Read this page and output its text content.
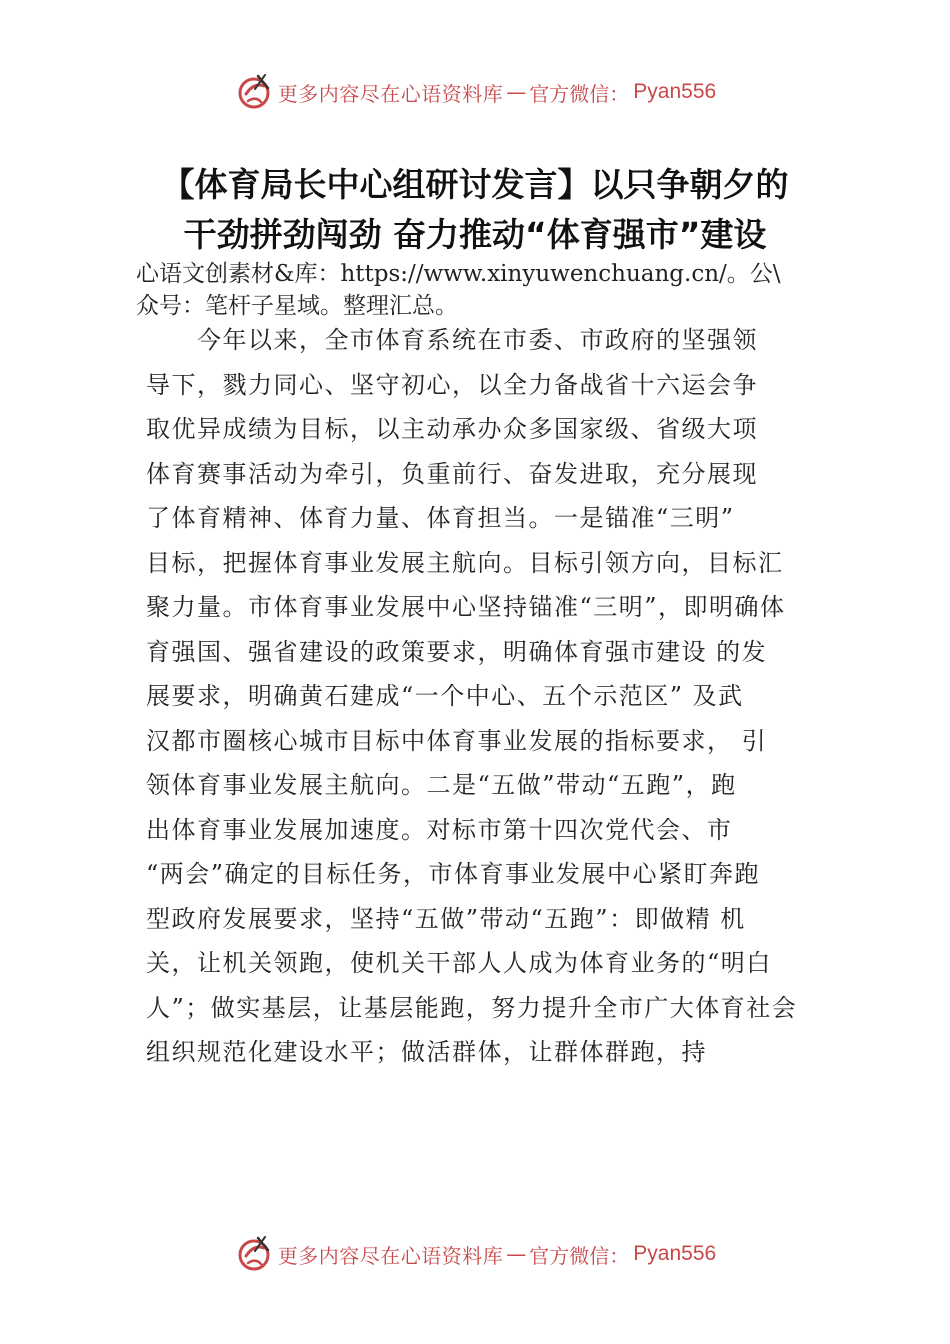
更多内容尽在心语资料库 — 官方微信： Pyan556
【体育局长中心组研讨发言】以只争朝夕的
干劲拼劲闯劲 奋力推动“体育强市”建设
心语文创素材&库：https://www.xinyuwenchuang.cn/。公\
众号：笔杆子星域。整理汇总。
　　今年以来，全市体育系统在市委、市政府的坚强领
导下，戮力同心、坚守初心，以全力备战省十六运会争
取优异成绩为目标，以主动承办众多国家级、省级大项
体育赛事活动为牵引，负重前行、奋发进取，充分展现
了体育精神、体育力量、体育担当。一是锚准“三明”
目标，把握体育事业发展主航向。目标引领方向，目标汇
聚力量。市体育事业发展中心坚持锚准“三明”，即明确体
育强国、强省建设的政策要求，明确体育强市建设 的发
展要求，明确黄石建成“一个中心、五个示范区” 及武
汉都市圈核心城市目标中体育事业发展的指标要求， 引
领体育事业发展主航向。二是“五做”带动“五跑”，跑
出体育事业发展加速度。对标市第十四次党代会、市
“两会”确定的目标任务，市体育事业发展中心紧盯奔跑
型政府发展要求，坚持“五做”带动“五跑”：即做精 机
关，让机关领跑，使机关干部人人成为体育业务的“明白
人”；做实基层，让基层能跑，努力提升全市广大体育社会
组织规范化建设水平；做活群体，让群体群跑，持
更多内容尽在心语资料库 — 官方微信： Pyan556
